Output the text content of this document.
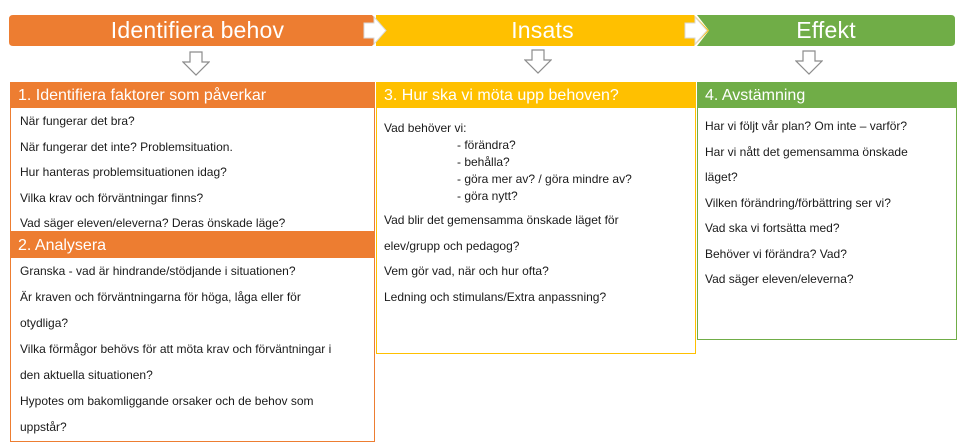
Identifiera behov	Insats	Effekt
1. Identifiera faktorer som påverkar
När fungerar det bra?
När fungerar det inte? Problemsituation.
Hur hanteras problemsituationen idag?
Vilka krav och förväntningar finns?
Vad säger eleven/eleverna? Deras önskade läge?
2. Analysera
Granska - vad är hindrande/stödjande i situationen?
Är kraven och förväntningarna för höga, låga eller för
otydliga?
Vilka förmågor behövs för att möta krav och förväntningar i
den aktuella situationen?
Hypotes om bakomliggande orsaker och de behov som
uppstår?
3. Hur ska vi möta upp behoven?
Vad behöver vi:
- förändra?
- behålla?
- göra mer av? / göra mindre av?
- göra nytt?
Vad blir det gemensamma önskade läget för
elev/grupp och pedagog?
Vem gör vad, när och hur ofta?
Ledning och stimulans/Extra anpassning?
4. Avstämning
Har vi följt vår plan? Om inte – varför?
Har vi nått det gemensamma önskade
läget?
Vilken förändring/förbättring ser vi?
Vad ska vi fortsätta med?
Behöver vi förändra? Vad?
Vad säger eleven/eleverna?
